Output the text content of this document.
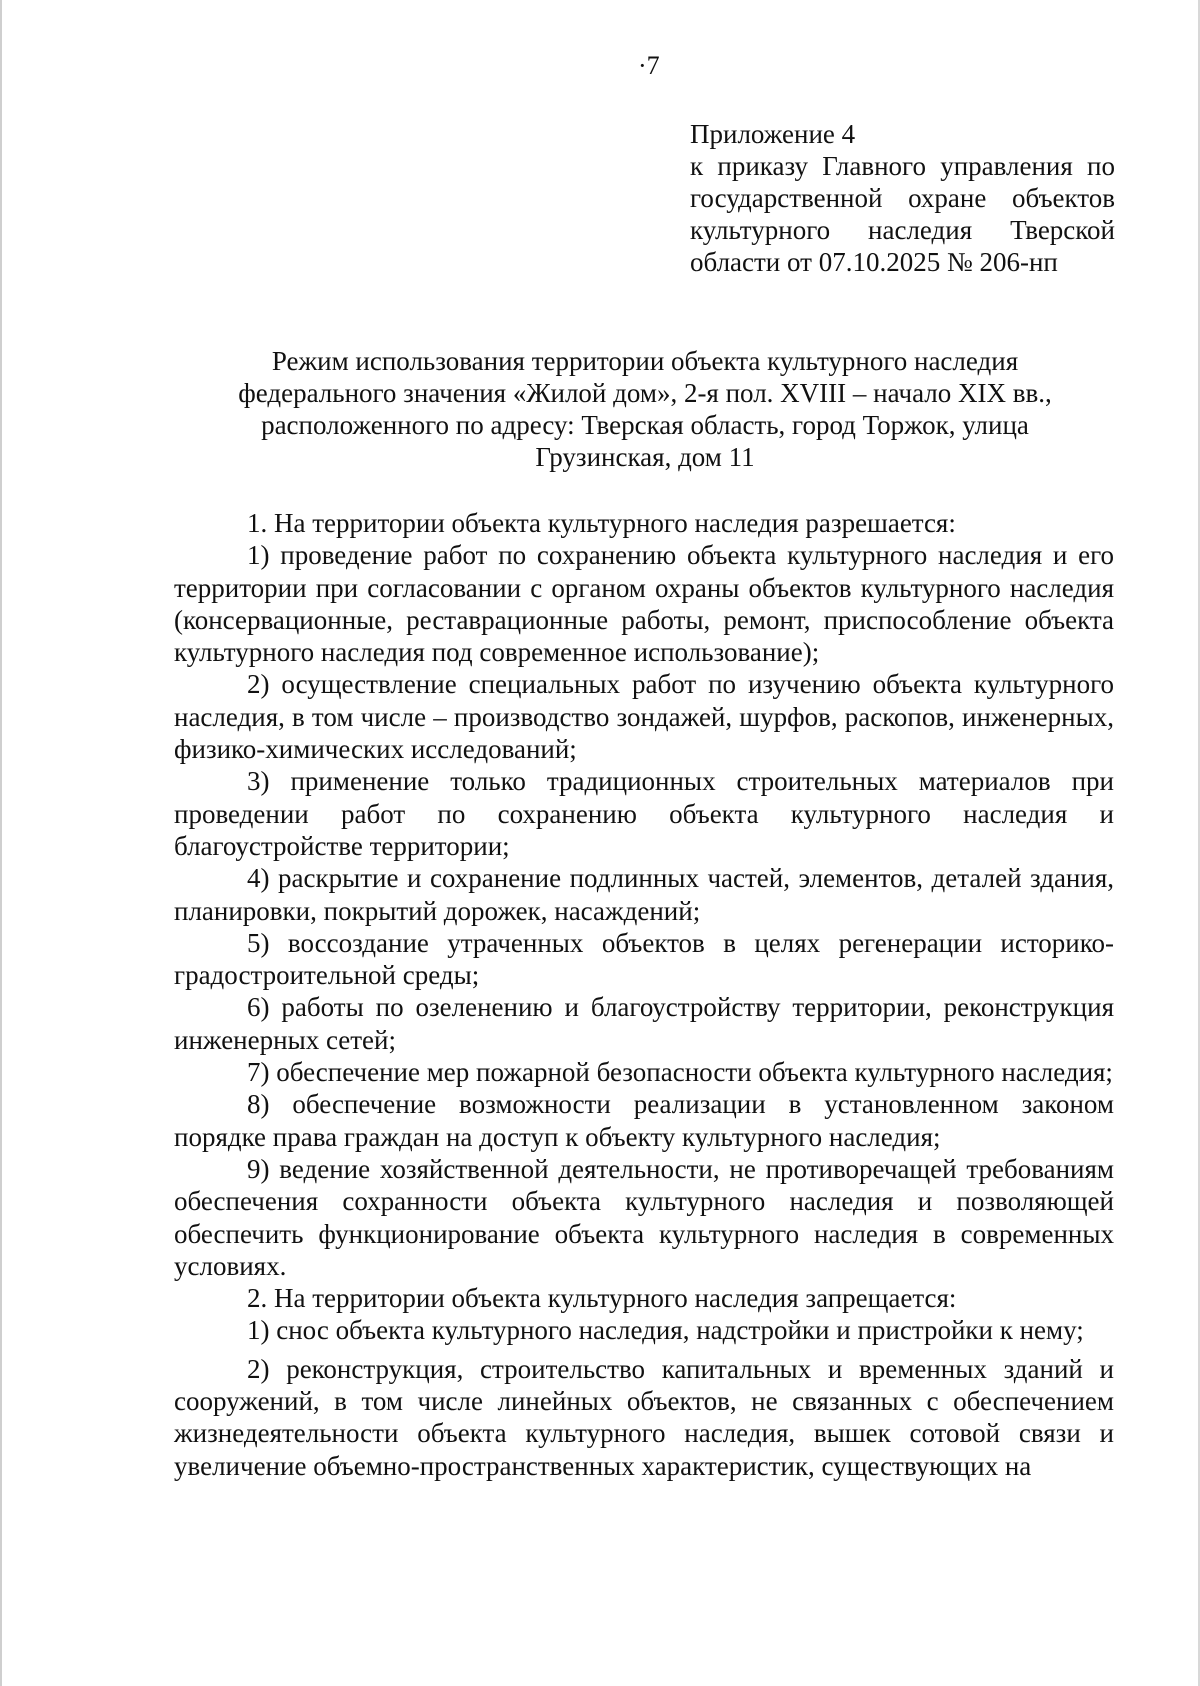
·7
Приложение 4
к приказу Главного управления по
государственной охране объектов
культурного наследия Тверской
области от 07.10.2025 № 206-нп
Режим использования территории объекта культурного наследия
федерального значения «Жилой дом», 2-я пол. XVIII – начало XIX вв.,
расположенного по адресу: Тверская область, город Торжок, улица
Грузинская, дом 11

1. На территории объекта культурного наследия разрешается:

1) проведение работ по сохранению объекта культурного наследия и его территории при согласовании с органом охраны объектов культурного наследия (консервационные, реставрационные работы, ремонт, приспособление объекта культурного наследия под современное использование);

2) осуществление специальных работ по изучению объекта культурного наследия, в том числе – производство зондажей, шурфов, раскопов, инженерных, физико-химических исследований;

3) применение только традиционных строительных материалов при проведении работ по сохранению объекта культурного наследия и благоустройстве территории;

4) раскрытие и сохранение подлинных частей, элементов, деталей здания, планировки, покрытий дорожек, насаждений;

5) воссоздание утраченных объектов в целях регенерации историко-градостроительной среды;

6) работы по озеленению и благоустройству территории, реконструкция инженерных сетей;

7) обеспечение мер пожарной безопасности объекта культурного наследия;

8) обеспечение возможности реализации в установленном законом порядке права граждан на доступ к объекту культурного наследия;

9) ведение хозяйственной деятельности, не противоречащей требованиям обеспечения сохранности объекта культурного наследия и позволяющей обеспечить функционирование объекта культурного наследия в современных условиях.

2. На территории объекта культурного наследия запрещается:

1) снос объекта культурного наследия, надстройки и пристройки к нему;

2) реконструкция, строительство капитальных и временных зданий и сооружений, в том числе линейных объектов, не связанных с обеспечением жизнедеятельности объекта культурного наследия, вышек сотовой связи и увеличение объемно-пространственных характеристик, существующих на
